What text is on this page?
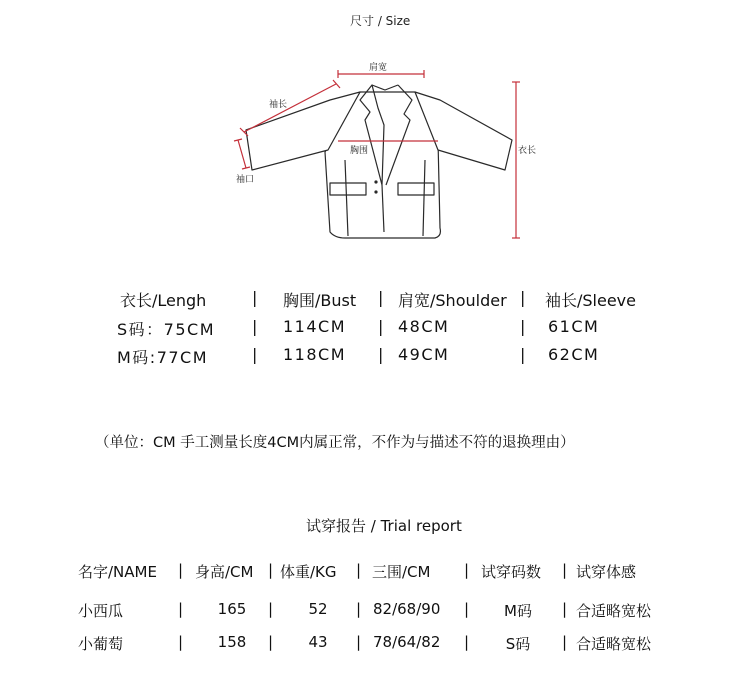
尺寸 / Size
肩宽
袖长
袖口
胸围	衣长
衣长/Lengh	| 胸围/Bust | 肩宽/Shoulder | 袖长/Sleeve
S码：75CM | 114CM | 48CM	| 61CM
M码:77CM	| 118CM | 49CM	| 62CM
（单位：CM 手工测量长度4CM内属正常，不作为与描述不符的退换理由）
试穿报告 / Trial report
名字/NAME | 身高/CM | 体重/KG | 三围/CM | 试穿码数 | 试穿体感
小西瓜	| 165 | 52 | 82/68/90 | M码 | 合适略宽松
小葡萄	| 158 | 43 | 78/64/82 | S码 | 合适略宽松
